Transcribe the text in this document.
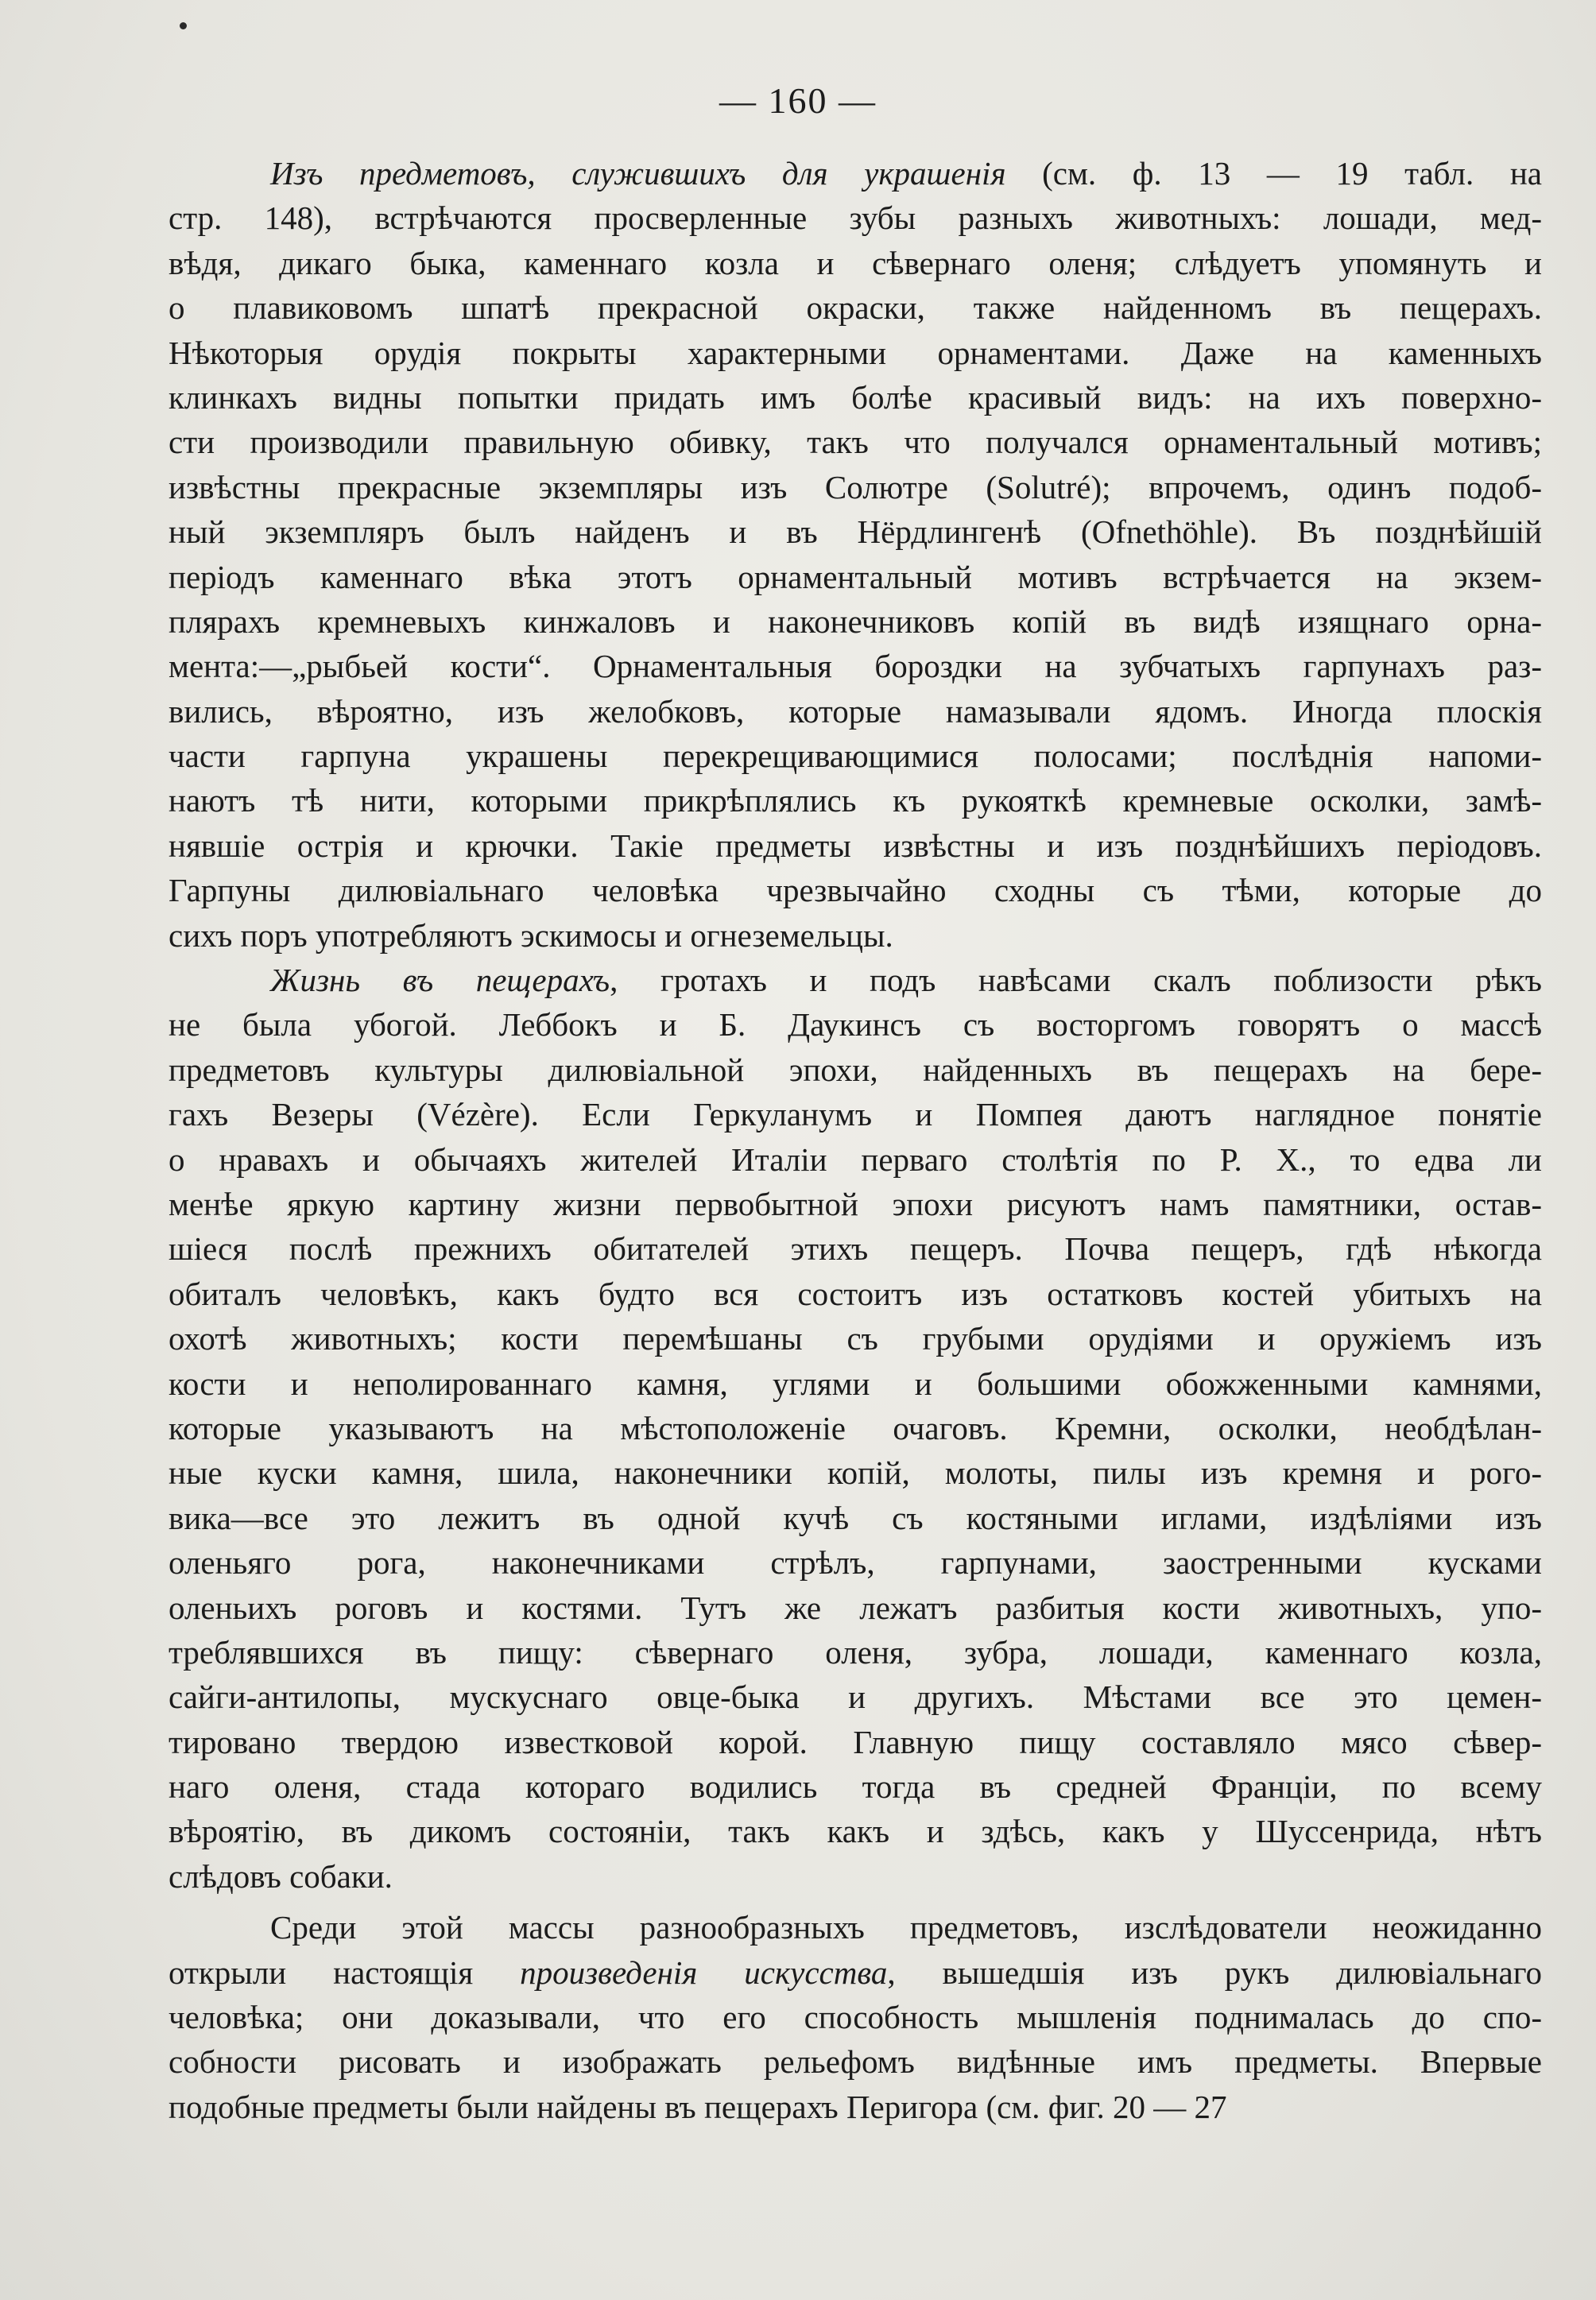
— 160 —
Изъ предметовъ, служившихъ для украшенія (см. ф. 13 — 19 табл. на
стр. 148), встрѣчаются просверленные зубы разныхъ животныхъ: лошади, мед-
вѣдя, дикаго быка, каменнаго козла и сѣвернаго оленя; слѣдуетъ упомянуть и
о плавиковомъ шпатѣ прекрасной окраски, также найденномъ въ пещерахъ.
Нѣкоторыя орудія покрыты характерными орнаментами. Даже на каменныхъ
клинкахъ видны попытки придать имъ болѣе красивый видъ: на ихъ поверхно-
сти производили правильную обивку, такъ что получался орнаментальный мотивъ;
извѣстны прекрасные экземпляры изъ Солютре (Solutré); впрочемъ, одинъ подоб-
ный экземпляръ былъ найденъ и въ Нёрдлингенѣ (Ofnethöhle). Въ позднѣйшій
періодъ каменнаго вѣка этотъ орнаментальный мотивъ встрѣчается на экзем-
плярахъ кремневыхъ кинжаловъ и наконечниковъ копій въ видѣ изящнаго орна-
мента:—„рыбьей кости“. Орнаментальныя бороздки на зубчатыхъ гарпунахъ раз-
вились, вѣроятно, изъ желобковъ, которые намазывали ядомъ. Иногда плоскія
части гарпуна украшены перекрещивающимися полосами; послѣднія напоми-
наютъ тѣ нити, которыми прикрѣплялись къ рукояткѣ кремневые осколки, замѣ-
нявшіе острія и крючки. Такіе предметы извѣстны и изъ позднѣйшихъ періодовъ.
Гарпуны дилювіальнаго человѣка чрезвычайно сходны съ тѣми, которые до
сихъ поръ употребляютъ эскимосы и огнеземельцы.
Жизнь въ пещерахъ, гротахъ и подъ навѣсами скалъ поблизости рѣкъ
не была убогой. Леббокъ и Б. Даукинсъ съ восторгомъ говорятъ о массѣ
предметовъ культуры дилювіальной эпохи, найденныхъ въ пещерахъ на бере-
гахъ Везеры (Vézère). Если Геркуланумъ и Помпея даютъ наглядное понятіе
о нравахъ и обычаяхъ жителей Италіи перваго столѣтія по Р. Х., то едва ли
менѣе яркую картину жизни первобытной эпохи рисуютъ намъ памятники, остав-
шіеся послѣ прежнихъ обитателей этихъ пещеръ. Почва пещеръ, гдѣ нѣкогда
обиталъ человѣкъ, какъ будто вся состоитъ изъ остатковъ костей убитыхъ на
охотѣ животныхъ; кости перемѣшаны съ грубыми орудіями и оружіемъ изъ
кости и неполированнаго камня, углями и большими обожженными камнями,
которые указываютъ на мѣстоположеніе очаговъ. Кремни, осколки, необдѣлан-
ные куски камня, шила, наконечники копій, молоты, пилы изъ кремня и рого-
вика—все это лежитъ въ одной кучѣ съ костяными иглами, издѣліями изъ
оленьяго рога, наконечниками стрѣлъ, гарпунами, заостренными кусками
оленьихъ роговъ и костями. Тутъ же лежатъ разбитыя кости животныхъ, упо-
треблявшихся въ пищу: сѣвернаго оленя, зубра, лошади, каменнаго козла,
сайги-антилопы, мускуснаго овце-быка и другихъ. Мѣстами все это цемен-
тировано твердою известковой корой. Главную пищу составляло мясо сѣвер-
наго оленя, стада котораго водились тогда въ средней Франціи, по всему
вѣроятію, въ дикомъ состояніи, такъ какъ и здѣсь, какъ у Шуссенрида, нѣтъ
слѣдовъ собаки.
Среди этой массы разнообразныхъ предметовъ, изслѣдователи неожиданно
открыли настоящія произведенія искусства, вышедшія изъ рукъ дилювіальнаго
человѣка; они доказывали, что его способность мышленія поднималась до спо-
собности рисовать и изображать рельефомъ видѣнные имъ предметы. Впервые
подобные предметы были найдены въ пещерахъ Перигора (см. фиг. 20 — 27
